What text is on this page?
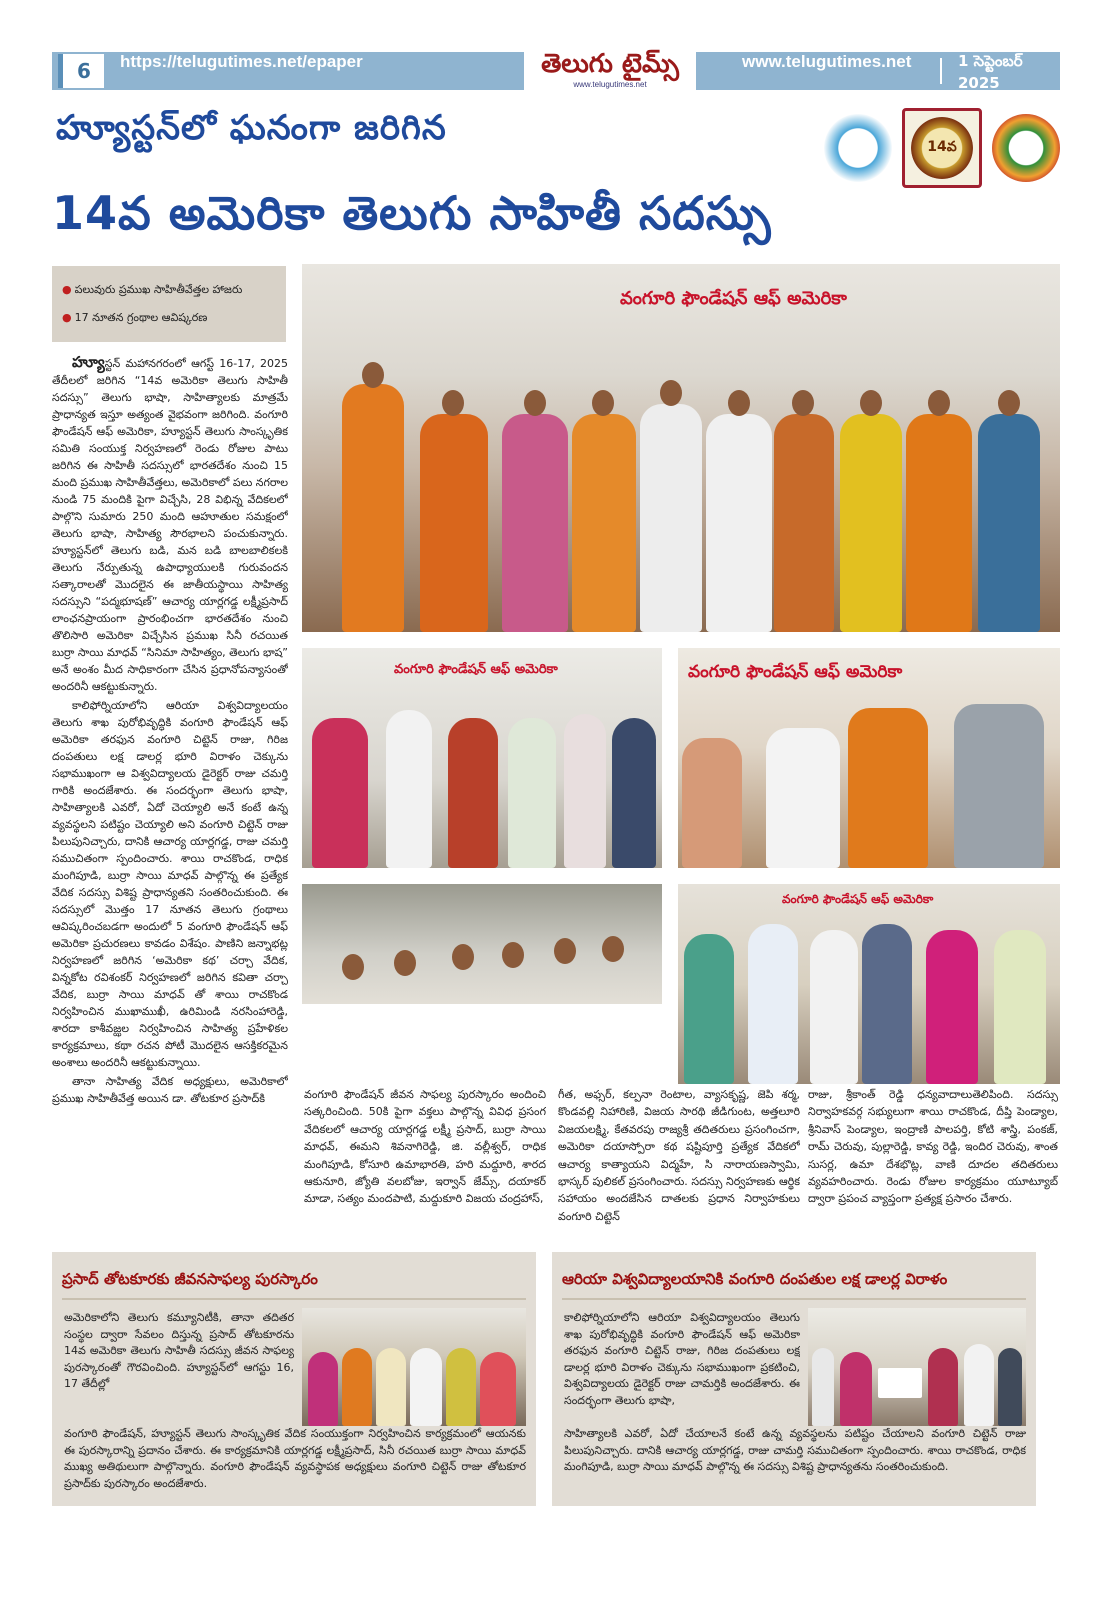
6	https://telugutimes.net/epaper	తెలుగు టైమ్స్
www.telugutimes.net
www.telugutimes.net	1 సెప్టెంబర్ 2025
హ్యూస్టన్‌లో ఘనంగా జరిగిన
14వ అమెరికా తెలుగు సాహితీ సదస్సు
14వ
● పలువురు ప్రముఖ సాహితీవేత్తల హాజరు
● 17 నూతన గ్రంథాల ఆవిష్కరణ

హ్యూస్టన్ మహానగరంలో ఆగస్ట్ 16-17, 2025 తేదీలలో జరిగిన “14వ అమెరికా తెలుగు సాహితీ సదస్సు” తెలుగు భాషా, సాహిత్యాలకు మాత్రమే ప్రాధాన్యత ఇస్తూ అత్యంత వైభవంగా జరిగింది. వంగూరి ఫౌండేషన్ ఆఫ్ అమెరికా, హ్యూస్టన్ తెలుగు సాంస్కృతిక సమితి సంయుక్త నిర్వహణలో రెండు రోజుల పాటు జరిగిన ఈ సాహితీ సదస్సులో భారతదేశం నుంచి 15 మంది ప్రముఖ సాహితీవేత్తలు, అమెరికాలో పలు నగరాల నుండి 75 మందికి పైగా విచ్చేసి, 28 విభిన్న వేదికలలో పాల్గొని సుమారు 250 మంది ఆహూతుల సమక్షంలో తెలుగు భాషా, సాహిత్య సౌరభాలని పంచుకున్నారు. హ్యూస్టన్‌లో తెలుగు బడి, మన బడి బాలబాలికలకి తెలుగు నేర్పుతున్న ఉపాధ్యాయులకి గురువందన సత్కారాలతో మొదలైన ఈ జాతీయస్థాయి సాహిత్య సదస్సుని “పద్మభూషణ్” ఆచార్య యార్లగడ్డ లక్ష్మీప్రసాద్ లాంఛనప్రాయంగా ప్రారంభించగా భారతదేశం నుంచి తొలిసారి అమెరికా విచ్చేసిన ప్రముఖ సినీ రచయిత బుర్రా సాయి మాధవ్ “సినిమా సాహిత్యం, తెలుగు భాష” అనే అంశం మీద సాధికారంగా చేసిన ప్రధానోపన్యాసంతో అందరినీ ఆకట్టుకున్నారు.

కాలిఫోర్నియాలోని ఆరియా విశ్వవిద్యాలయం తెలుగు శాఖ పురోభివృద్ధికి వంగూరి ఫౌండేషన్ ఆఫ్ అమెరికా తరఫున వంగూరి చిట్టెన్ రాజు, గిరిజ దంపతులు లక్ష డాలర్ల భూరి విరాళం చెక్కును సభాముఖంగా ఆ విశ్వవిద్యాలయ డైరెక్టర్ రాజు చమర్తి గారికి అందజేశారు. ఈ సందర్భంగా తెలుగు భాషా, సాహిత్యాలకి ఎవరో, ఏదో చెయ్యాలి అనే కంటే ఉన్న వ్యవస్థలని పటిష్టం చెయ్యాలి అని వంగూరి చిట్టెన్ రాజు పిలుపునిచ్చారు, దానికి ఆచార్య యార్లగడ్డ, రాజు చమర్తి సముచితంగా స్పందించారు. శాయి రాచకొండ, రాధిక మంగిపూడి, బుర్రా సాయి మాధవ్ పాల్గొన్న ఈ ప్రత్యేక వేదిక సదస్సు విశిష్ట ప్రాధాన్యతని సంతరించుకుంది. ఈ సదస్సులో మొత్తం 17 నూతన తెలుగు గ్రంథాలు ఆవిష్కరించబడగా అందులో 5 వంగూరి ఫౌండేషన్ ఆఫ్ అమెరికా ప్రచురణలు కావడం విశేషం. పాణిని జన్నాభట్ల నిర్వహణలో జరిగిన ‘అమెరికా కథ’ చర్చా వేదిక, విన్నకోట రవిశంకర్ నిర్వహణలో జరిగిన కవితా చర్చా వేదిక, బుర్రా సాయి మాధవ్ తో శాయి రాచకొండ నిర్వహించిన ముఖాముఖీ, ఉరిమిండి నరసింహారెడ్డి, శారదా కాశీవజ్ఝల నిర్వహించిన సాహిత్య ప్రహేళికల కార్యక్రమాలు, కథా రచన పోటీ మొదలైన ఆసక్తికరమైన అంశాలు అందరినీ ఆకట్టుకున్నాయి.

తానా సాహిత్య వేదిక అధ్యక్షులు, అమెరికాలో ప్రముఖ సాహితీవేత్త అయిన డా. తోటకూర ప్రసాద్‌కి

వంగూరి ఫౌండేషన్ ఆఫ్ అమెరికా
వంగూరి ఫౌండేషన్ ఆఫ్ అమెరికా	వంగూరి ఫౌండేషన్ ఆఫ్ అమెరికా
వంగూరి ఫౌండేషన్ ఆఫ్ అమెరికా
వంగూరి ఫౌండేషన్ జీవన సాఫల్య పురస్కారం అందించి సత్కరించింది. 50కి పైగా వక్తలు పాల్గొన్న వివిధ ప్రసంగ వేదికలలో ఆచార్య యార్లగడ్డ లక్ష్మీ ప్రసాద్, బుర్రా సాయి మాధవ్, ఈమని శివనాగిరెడ్డి, జి. వల్లీశ్వర్, రాధిక మంగిపూడి, కోసూరి ఉమాభారతి, హరి మద్దూరి, శారద ఆకునూరి, జ్యోతి వలబోజు, ఇర్వాన్ జేమ్స్, దయాకర్ మాడా, సత్యం మందపాటి, మద్దుకూరి విజయ చంద్రహాస్,
గీత, అఫ్సర్, కల్పనా రెంటాల, వ్యాసకృష్ణ, జెపి శర్మ, కొండవల్లి నిహారిణి, విజయ సారథి జీడిగుంట, అత్తలూరి విజయలక్ష్మి, కేతవరపు రాజ్యశ్రీ తదితరులు ప్రసంగించగా, అమెరికా దయాస్పోరా కథ షష్టిపూర్తి ప్రత్యేక వేదికలో ఆచార్య కాత్యాయని విద్మహే, సి నారాయణస్వామి, భాస్కర్ పులికల్ ప్రసంగించారు. సదస్సు నిర్వహణకు ఆర్థిక సహాయం అందజేసిన దాతలకు ప్రధాన నిర్వాహకులు వంగూరి చిట్టెన్
రాజు, శ్రీకాంత్ రెడ్డి ధన్యవాదాలుతెలిపింది. సదస్సు నిర్వాహకవర్గ సభ్యులుగా శాయి రాచకొండ, దీప్తి పెండ్యాల, శ్రీనివాస్ పెండ్యాల, ఇంద్రాణి పాలపర్తి, కోటి శాస్త్రి, పంకజ్, రామ్ చెరువు, పుల్లారెడ్డి, కావ్య రెడ్డి, ఇందిర చెరువు, శాంత సుసర్ల, ఉమా దేశభొట్ల, వాణి దూదల తదితరులు వ్యవహరించారు. రెండు రోజుల కార్యక్రమం యూట్యూబ్ ద్వారా ప్రపంచ వ్యాప్తంగా ప్రత్యక్ష ప్రసారం చేశారు.
ప్రసాద్ తోటకూరకు జీవనసాఫల్య పురస్కారం
అమెరికాలోని తెలుగు కమ్యూనిటీకి, తానా తదితర సంస్థల ద్వారా సేవలం దిస్తున్న ప్రసాద్ తోటకూరను 14వ అమెరికా తెలుగు సాహితీ సదస్సు జీవన సాఫల్య పురస్కారంతో గౌరవించింది. హ్యూస్టన్‌లో ఆగస్టు 16, 17 తేదీల్లో
వంగూరి ఫౌండేషన్, హ్యూస్టన్ తెలుగు సాంస్కృతిక వేదిక సంయుక్తంగా నిర్వహించిన కార్యక్రమంలో ఆయనకు ఈ పురస్కారాన్ని ప్రదానం చేశారు. ఈ కార్యక్రమానికి యార్లగడ్డ లక్ష్మీప్రసాద్, సినీ రచయిత బుర్రా సాయి మాధవ్ ముఖ్య అతిథులుగా పాల్గొన్నారు. వంగూరి ఫౌండేషన్ వ్యవస్థాపక అధ్యక్షులు వంగూరి చిట్టెన్ రాజు తోటకూర ప్రసాద్‌కు పురస్కారం అందజేశారు.
ఆరియా విశ్వవిద్యాలయానికి వంగూరి దంపతుల లక్ష డాలర్ల విరాళం
కాలిఫోర్నియాలోని ఆరియా విశ్వవిద్యాలయం తెలుగు శాఖ పురోభివృద్ధికి వంగూరి ఫౌండేషన్ ఆఫ్ అమెరికా తరఫున వంగూరి చిట్టెన్ రాజు, గిరిజ దంపతులు లక్ష డాలర్ల భూరి విరాళం చెక్కును సభాముఖంగా ప్రకటించి, విశ్వవిద్యాలయ డైరెక్టర్ రాజు చామర్తికి అందజేశారు. ఈ సందర్భంగా తెలుగు భాషా,
సాహిత్యాలకి ఎవరో, ఏదో చేయాలనే కంటే ఉన్న వ్యవస్థలను పటిష్టం చేయాలని వంగూరి చిట్టెన్ రాజు పిలుపునిచ్చారు. దానికి ఆచార్య యార్లగడ్డ, రాజు చామర్తి సముచితంగా స్పందించారు. శాయి రాచకొండ, రాధిక మంగిపూడి, బుర్రా సాయి మాధవ్ పాల్గొన్న ఈ సదస్సు విశిష్ట ప్రాధాన్యతను సంతరించుకుంది.
